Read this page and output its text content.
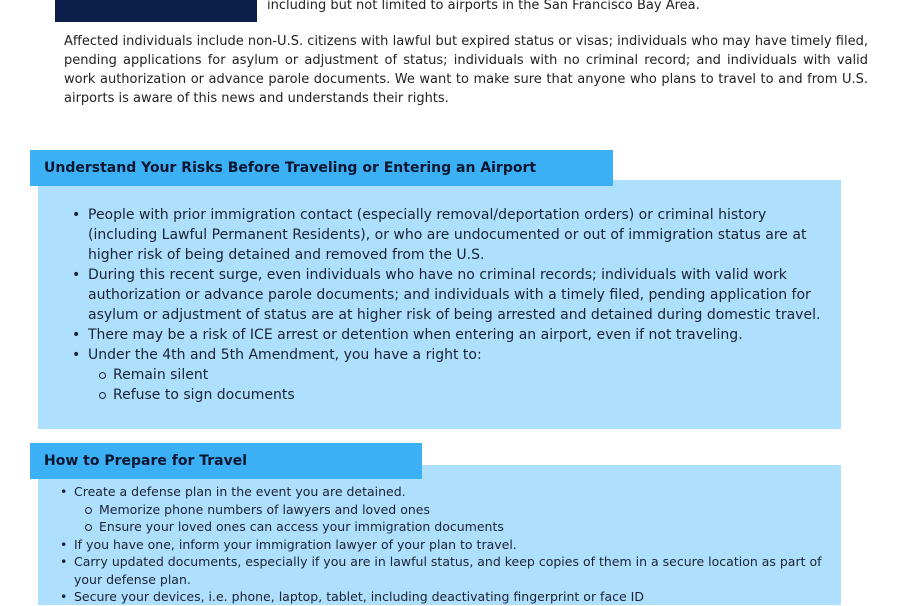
including but not limited to airports in the San Francisco Bay Area.

Affected individuals include non-U.S. citizens with lawful but expired status or visas; individuals who may have timely filed, pending applications for asylum or adjustment of status; individuals with no criminal record; and individuals with valid work authorization or advance parole documents. We want to make sure that anyone who plans to travel to and from U.S. airports is aware of this news and understands their rights.

Understand Your Risks Before Traveling or Entering an Airport
• People with prior immigration contact (especially removal/deportation orders) or criminal history (including Lawful Permanent Residents), or who are undocumented or out of immigration status are at higher risk of being detained and removed from the U.S.
• During this recent surge, even individuals who have no criminal records; individuals with valid work authorization or advance parole documents; and individuals with a timely filed, pending application for asylum or adjustment of status are at higher risk of being arrested and detained during domestic travel.
• There may be a risk of ICE arrest or detention when entering an airport, even if not traveling.
• Under the 4th and 5th Amendment, you have a right to:
Remain silent
Refuse to sign documents
How to Prepare for Travel
• Create a defense plan in the event you are detained.
Memorize phone numbers of lawyers and loved ones
Ensure your loved ones can access your immigration documents
• If you have one, inform your immigration lawyer of your plan to travel.
• Carry updated documents, especially if you are in lawful status, and keep copies of them in a secure location as part of your defense plan.
• Secure your devices, i.e. phone, laptop, tablet, including deactivating fingerprint or face ID
